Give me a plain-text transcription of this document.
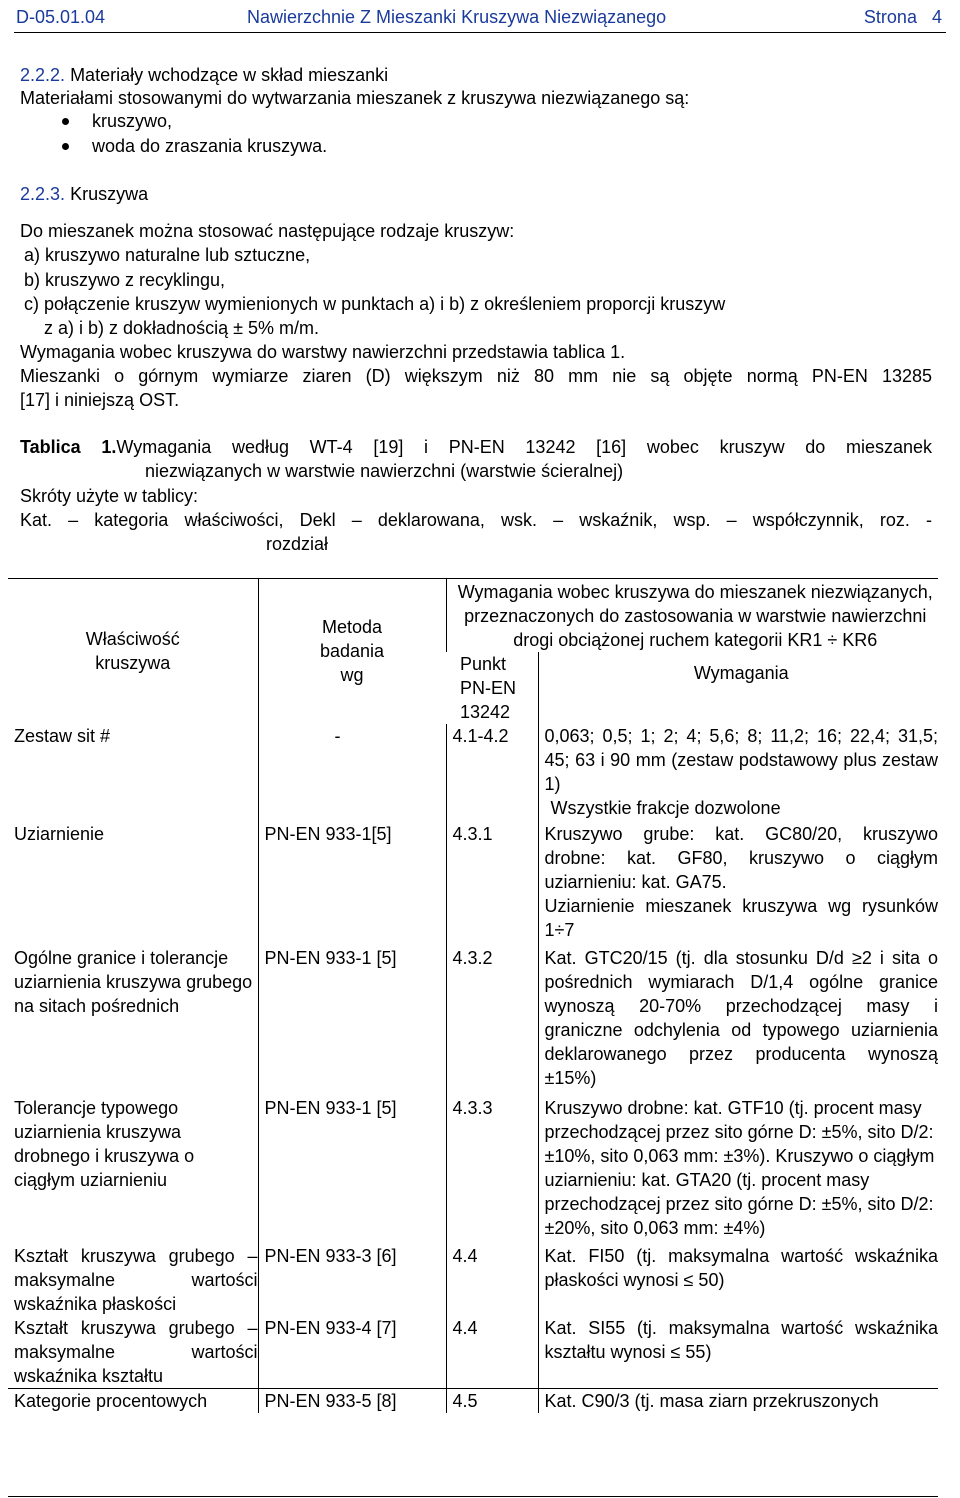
D-05.01.04	Nawierzchnie Z Mieszanki Kruszywa Niezwiązanego	Strona 4
2.2.2. Materiały wchodzące w skład mieszanki
Materiałami stosowanymi do wytwarzania mieszanek z kruszywa niezwiązanego są:
kruszywo,
woda do zraszania kruszywa.
2.2.3. Kruszywa
Do mieszanek można stosować następujące rodzaje kruszyw:
a) kruszywo naturalne lub sztuczne,
b) kruszywo z recyklingu,
c) połączenie kruszyw wymienionych w punktach a) i b) z określeniem proporcji kruszyw
z a) i b) z dokładnością ± 5% m/m.
Wymagania wobec kruszywa do warstwy nawierzchni przedstawia tablica 1.
Mieszanki o górnym wymiarze ziaren (D) większym niż 80 mm nie są objęte normą PN-EN 13285
[17] i niniejszą OST.
Tablica 1.Wymagania według WT-4 [19] i PN-EN 13242 [16] wobec kruszyw do mieszanek
niezwiązanych w warstwie nawierzchni (warstwie ścieralnej)
Skróty użyte w tablicy:
Kat. – kategoria właściwości, Dekl – deklarowana, wsk. – wskaźnik, wsp. – współczynnik, roz. -
rozdział
Właściwość kruszywa	Metoda badania wg	Wymagania wobec kruszywa do mieszanek niezwiązanych, przeznaczonych do zastosowania w warstwie nawierzchni drogi obciążonej ruchem kategorii KR1 ÷ KR6	
		Punkt PN-EN 13242	Wymagania
Zestaw sit #	-	4.1-4.2	0,063; 0,5; 1; 2; 4; 5,6; 8; 11,2; 16; 22,4; 31,5; 45; 63 i 90 mm (zestaw podstawowy plus zestaw 1)
Wszystkie frakcje dozwolone

Uziarnienie	PN-EN 933-1[5]	4.3.1	Kruszywo grube: kat. GC80/20, kruszywo drobne: kat. GF80, kruszywo o ciągłym uziarnieniu: kat. GA75.
Uziarnienie mieszanek kruszywa wg rysunków 1÷7

Ogólne granice i tolerancje uziarnienia kruszywa grubego na sitach pośrednich	PN-EN 933-1 [5]	4.3.2	Kat. GTC20/15 (tj. dla stosunku D/d ≥2 i sita o pośrednich wymiarach D/1,4 ogólne granice wynoszą 20-70% przechodzącej masy i graniczne odchylenia od typowego uziarnienia deklarowanego przez producenta wynoszą ±15%)
Tolerancje typowego uziarnienia kruszywa drobnego i kruszywa o ciągłym uziarnieniu	PN-EN 933-1 [5]	4.3.3	Kruszywo drobne: kat. GTF10 (tj. procent masy przechodzącej przez sito górne D: ±5%, sito D/2: ±10%, sito 0,063 mm: ±3%). Kruszywo o ciągłym uziarnieniu: kat. GTA20 (tj. procent masy przechodzącej przez sito górne D: ±5%, sito D/2: ±20%, sito 0,063 mm: ±4%)
Kształt kruszywa grubego – maksymalne wartości wskaźnika płaskości	PN-EN 933-3 [6]	4.4	Kat. FI50 (tj. maksymalna wartość wskaźnika płaskości wynosi ≤ 50)
Kształt kruszywa grubego – maksymalne wartości wskaźnika kształtu	PN-EN 933-4 [7]	4.4	Kat. SI55 (tj. maksymalna wartość wskaźnika kształtu wynosi ≤ 55)
Kategorie procentowych	PN-EN 933-5 [8]	4.5	Kat. C90/3 (tj. masa ziarn przekruszonych
